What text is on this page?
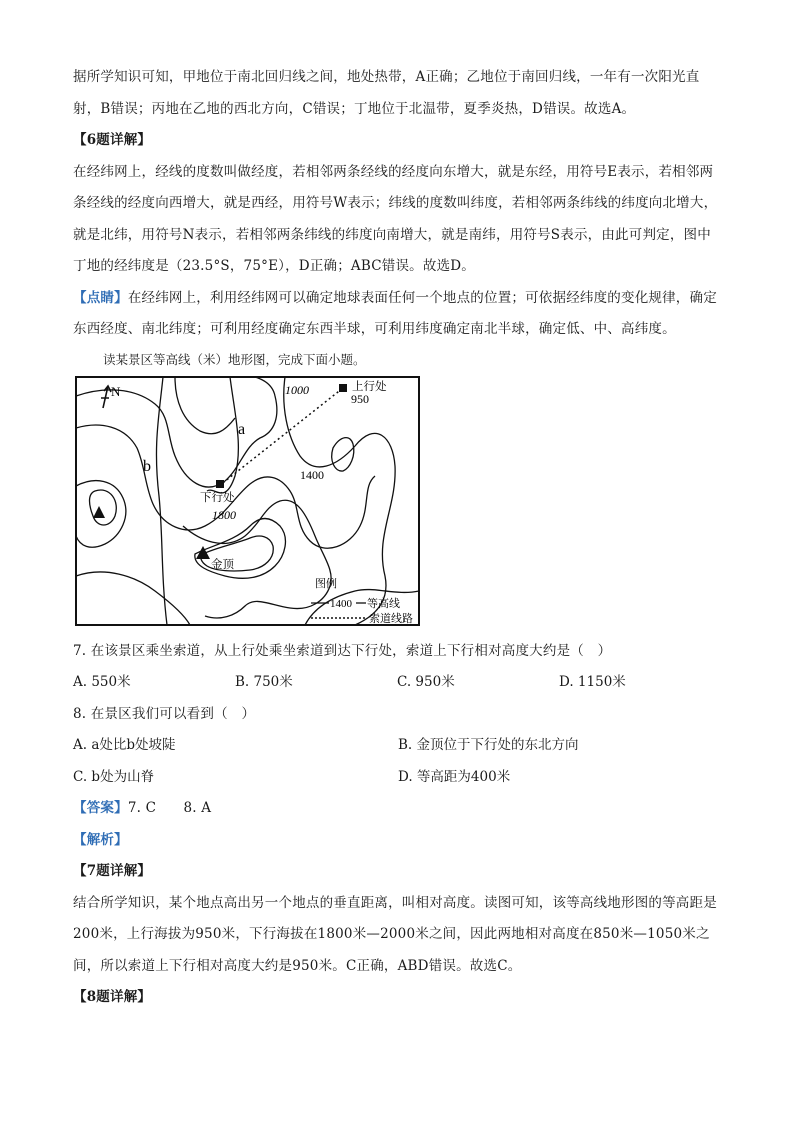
据所学知识可知，甲地位于南北回归线之间，地处热带，A正确；乙地位于南回归线，一年有一次阳光直射，B错误；丙地在乙地的西北方向，C错误；丁地位于北温带，夏季炎热，D错误。故选A。

【6题详解】

在经纬网上，经线的度数叫做经度，若相邻两条经线的经度向东增大，就是东经，用符号E表示，若相邻两条经线的经度向西增大，就是西经，用符号W表示；纬线的度数叫纬度，若相邻两条纬线的纬度向北增大，就是北纬，用符号N表示，若相邻两条纬线的纬度向南增大，就是南纬，用符号S表示，由此可判定，图中丁地的经纬度是（23.5°S，75°E），D正确；ABC错误。故选D。

【点睛】在经纬网上，利用经纬网可以确定地球表面任何一个地点的位置；可依据经纬度的变化规律，确定东西经度、南北纬度；可利用经度确定东西半球，可利用纬度确定南北半球，确定低、中、高纬度。

读某景区等高线（米）地形图，完成下面小题。

N	1000	上行处
950
a
b	1400
下行处
1800
金顶
图例
1400 等高线
索道线路

7. 在该景区乘坐索道，从上行处乘坐索道到达下行处，索道上下行相对高度大约是（　）

A. 550米	B. 750米	C. 950米	D. 1150米

8. 在景区我们可以看到（　）

A. a处比b处坡陡	B. 金顶位于下行处的东北方向
C. b处为山脊	D. 等高距为400米

【答案】7. C　　8. A

【解析】

【7题详解】

结合所学知识，某个地点高出另一个地点的垂直距离，叫相对高度。读图可知，该等高线地形图的等高距是200米，上行海拔为950米，下行海拔在1800米—2000米之间，因此两地相对高度在850米—1050米之间，所以索道上下行相对高度大约是950米。C正确，ABD错误。故选C。

【8题详解】
